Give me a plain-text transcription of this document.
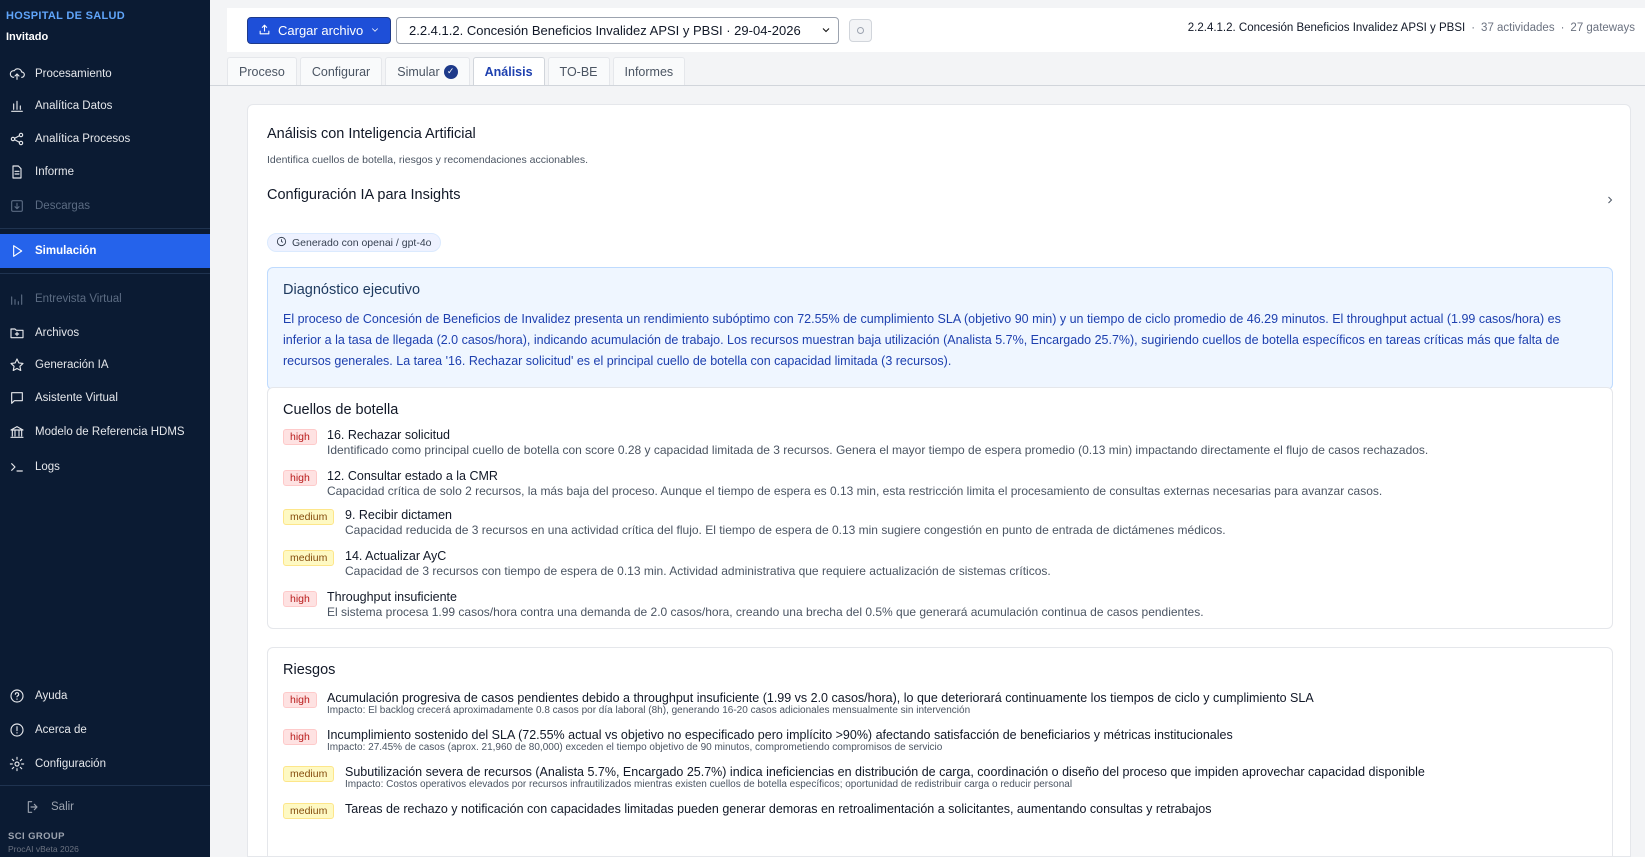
HOSPITAL DE SALUD
Invitado
Procesamiento
Analítica Datos
Analítica Procesos
Informe
Descargas
Simulación
Entrevista Virtual
Archivos
Generación IA
Asistente Virtual
Modelo de Referencia HDMS
Logs
Ayuda
Acerca de
Configuración
Salir
SCI GROUP
ProcAI vBeta 2026
Cargar archivo	2.2.4.1.2. Concesión Beneficios Invalidez APSI y PBSI · 29-04-2026	2.2.4.1.2. Concesión Beneficios Invalidez APSI y PBSI · 37 actividades · 27 gateways
Proceso Configurar Simular ✓ Análisis TO-BE Informes
Análisis con Inteligencia Artificial
Identifica cuellos de botella, riesgos y recomendaciones accionables.
Configuración IA para Insights
Generado con openai / gpt-4o
Diagnóstico ejecutivo

El proceso de Concesión de Beneficios de Invalidez presenta un rendimiento subóptimo con 72.55% de cumplimiento SLA (objetivo 90 min) y un tiempo de ciclo promedio de 46.29 minutos. El throughput actual (1.99 casos/hora) es inferior a la tasa de llegada (2.0 casos/hora), indicando acumulación de trabajo. Los recursos muestran baja utilización (Analista 5.7%, Encargado 25.7%), sugiriendo cuellos de botella específicos en tareas críticas más que falta de recursos generales. La tarea '16. Rechazar solicitud' es el principal cuello de botella con capacidad limitada (3 recursos).

Cuellos de botella
high	16. Rechazar solicitud
Identificado como principal cuello de botella con score 0.28 y capacidad limitada de 3 recursos. Genera el mayor tiempo de espera promedio (0.13 min) impactando directamente el flujo de casos rechazados.
high	12. Consultar estado a la CMR
Capacidad crítica de solo 2 recursos, la más baja del proceso. Aunque el tiempo de espera es 0.13 min, esta restricción limita el procesamiento de consultas externas necesarias para avanzar casos.
medium	9. Recibir dictamen
Capacidad reducida de 3 recursos en una actividad crítica del flujo. El tiempo de espera de 0.13 min sugiere congestión en punto de entrada de dictámenes médicos.
medium	14. Actualizar AyC
Capacidad de 3 recursos con tiempo de espera de 0.13 min. Actividad administrativa que requiere actualización de sistemas críticos.
high	Throughput insuficiente
El sistema procesa 1.99 casos/hora contra una demanda de 2.0 casos/hora, creando una brecha del 0.5% que generará acumulación continua de casos pendientes.
Riesgos
high	Acumulación progresiva de casos pendientes debido a throughput insuficiente (1.99 vs 2.0 casos/hora), lo que deteriorará continuamente los tiempos de ciclo y cumplimiento SLA
Impacto: El backlog crecerá aproximadamente 0.8 casos por día laboral (8h), generando 16-20 casos adicionales mensualmente sin intervención
high	Incumplimiento sostenido del SLA (72.55% actual vs objetivo no especificado pero implícito >90%) afectando satisfacción de beneficiarios y métricas institucionales
Impacto: 27.45% de casos (aprox. 21,960 de 80,000) exceden el tiempo objetivo de 90 minutos, comprometiendo compromisos de servicio
medium	Subutilización severa de recursos (Analista 5.7%, Encargado 25.7%) indica ineficiencias en distribución de carga, coordinación o diseño del proceso que impiden aprovechar capacidad disponible
Impacto: Costos operativos elevados por recursos infrautilizados mientras existen cuellos de botella específicos; oportunidad de redistribuir carga o reducir personal
medium	Tareas de rechazo y notificación con capacidades limitadas pueden generar demoras en retroalimentación a solicitantes, aumentando consultas y retrabajos
